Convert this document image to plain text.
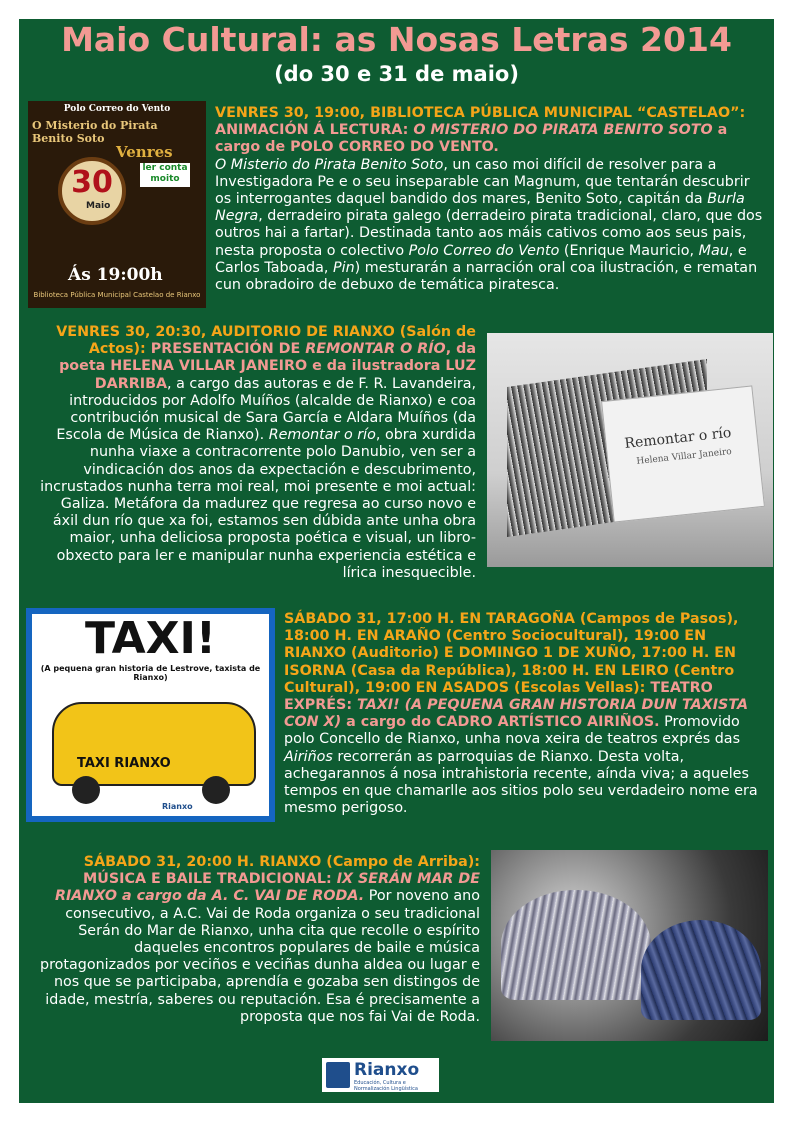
Maio Cultural: as Nosas Letras 2014
(do 30 e 31 de maio)
Polo Correo do Vento
O Misterio do Pirata Benito Soto
Venres
30
Maio
ler conta moito
Ás 19:00h
Biblioteca Pública Municipal Castelao de Rianxo

VENRES 30, 19:00, BIBLIOTECA PÚBLICA MUNICIPAL “CASTELAO”: ANIMACIÓN Á LECTURA: O MISTERIO DO PIRATA BENITO SOTO a cargo de POLO CORREO DO VENTO.

O Misterio do Pirata Benito Soto, un caso moi difícil de resolver para a Investigadora Pe e o seu inseparable can Magnum, que tentarán descubrir os interrogantes daquel bandido dos mares, Benito Soto, capitán da Burla Negra, derradeiro pirata galego (derradeiro pirata tradicional, claro, que dos outros hai a fartar). Destinada tanto aos máis cativos como aos seus pais, nesta proposta o colectivo Polo Correo do Vento (Enrique Mauricio, Mau, e Carlos Taboada, Pin) mesturarán a narración oral coa ilustración, e rematan cun obradoiro de debuxo de temática piratesca.

VENRES 30, 20:30, AUDITORIO DE RIANXO (Salón de Actos): PRESENTACIÓN DE REMONTAR O RÍO, da poeta HELENA VILLAR JANEIRO e da ilustradora LUZ DARRIBA, a cargo das autoras e de F. R. Lavandeira, introducidos por Adolfo Muíños (alcalde de Rianxo) e coa contribución musical de Sara García e Aldara Muíños (da Escola de Música de Rianxo). Remontar o río, obra xurdida nunha viaxe a contracorrente polo Danubio, ven ser a vindicación dos anos da expectación e descubrimento, incrustados nunha terra moi real, moi presente e moi actual: Galiza. Metáfora da madurez que regresa ao curso novo e áxil dun río que xa foi, estamos sen dúbida ante unha obra maior, unha deliciosa proposta poética e visual, un libro-obxecto para ler e manipular nunha experiencia estética e lírica inesquecible.

Remontar o río
Helena Villar Janeiro
TAXI!
(A pequena gran historia de Lestrove, taxista de Rianxo)
TAXI RIANXO
Rianxo

SÁBADO 31, 17:00 H. EN TARAGOÑA (Campos de Pasos), 18:00 H. EN ARAÑO (Centro Sociocultural), 19:00 EN RIANXO (Auditorio) E DOMINGO 1 DE XUÑO, 17:00 H. EN ISORNA (Casa da República), 18:00 H. EN LEIRO (Centro Cultural), 19:00 EN ASADOS (Escolas Vellas): TEATRO EXPRÉS: TAXI! (A PEQUENA GRAN HISTORIA DUN TAXISTA CON X) a cargo do CADRO ARTÍSTICO AIRIÑOS. Promovido polo Concello de Rianxo, unha nova xeira de teatros exprés das Airiños recorrerán as parroquias de Rianxo. Desta volta, achegarannos á nosa intrahistoria recente, aínda viva; a aqueles tempos en que chamarlle aos sitios polo seu verdadeiro nome era mesmo perigoso.

SÁBADO 31, 20:00 H. RIANXO (Campo de Arriba): MÚSICA E BAILE TRADICIONAL: IX SERÁN MAR DE RIANXO a cargo da A. C. VAI DE RODA. Por noveno ano consecutivo, a A.C. Vai de Roda organiza o seu tradicional Serán do Mar de Rianxo, unha cita que recolle o espírito daqueles encontros populares de baile e música protagonizados por veciños e veciñas dunha aldea ou lugar e nos que se participaba, aprendía e gozaba sen distingos de idade, mestría, saberes ou reputación. Esa é precisamente a proposta que nos fai Vai de Roda.

Rianxo
Educación, Cultura e Normalización Lingüística
